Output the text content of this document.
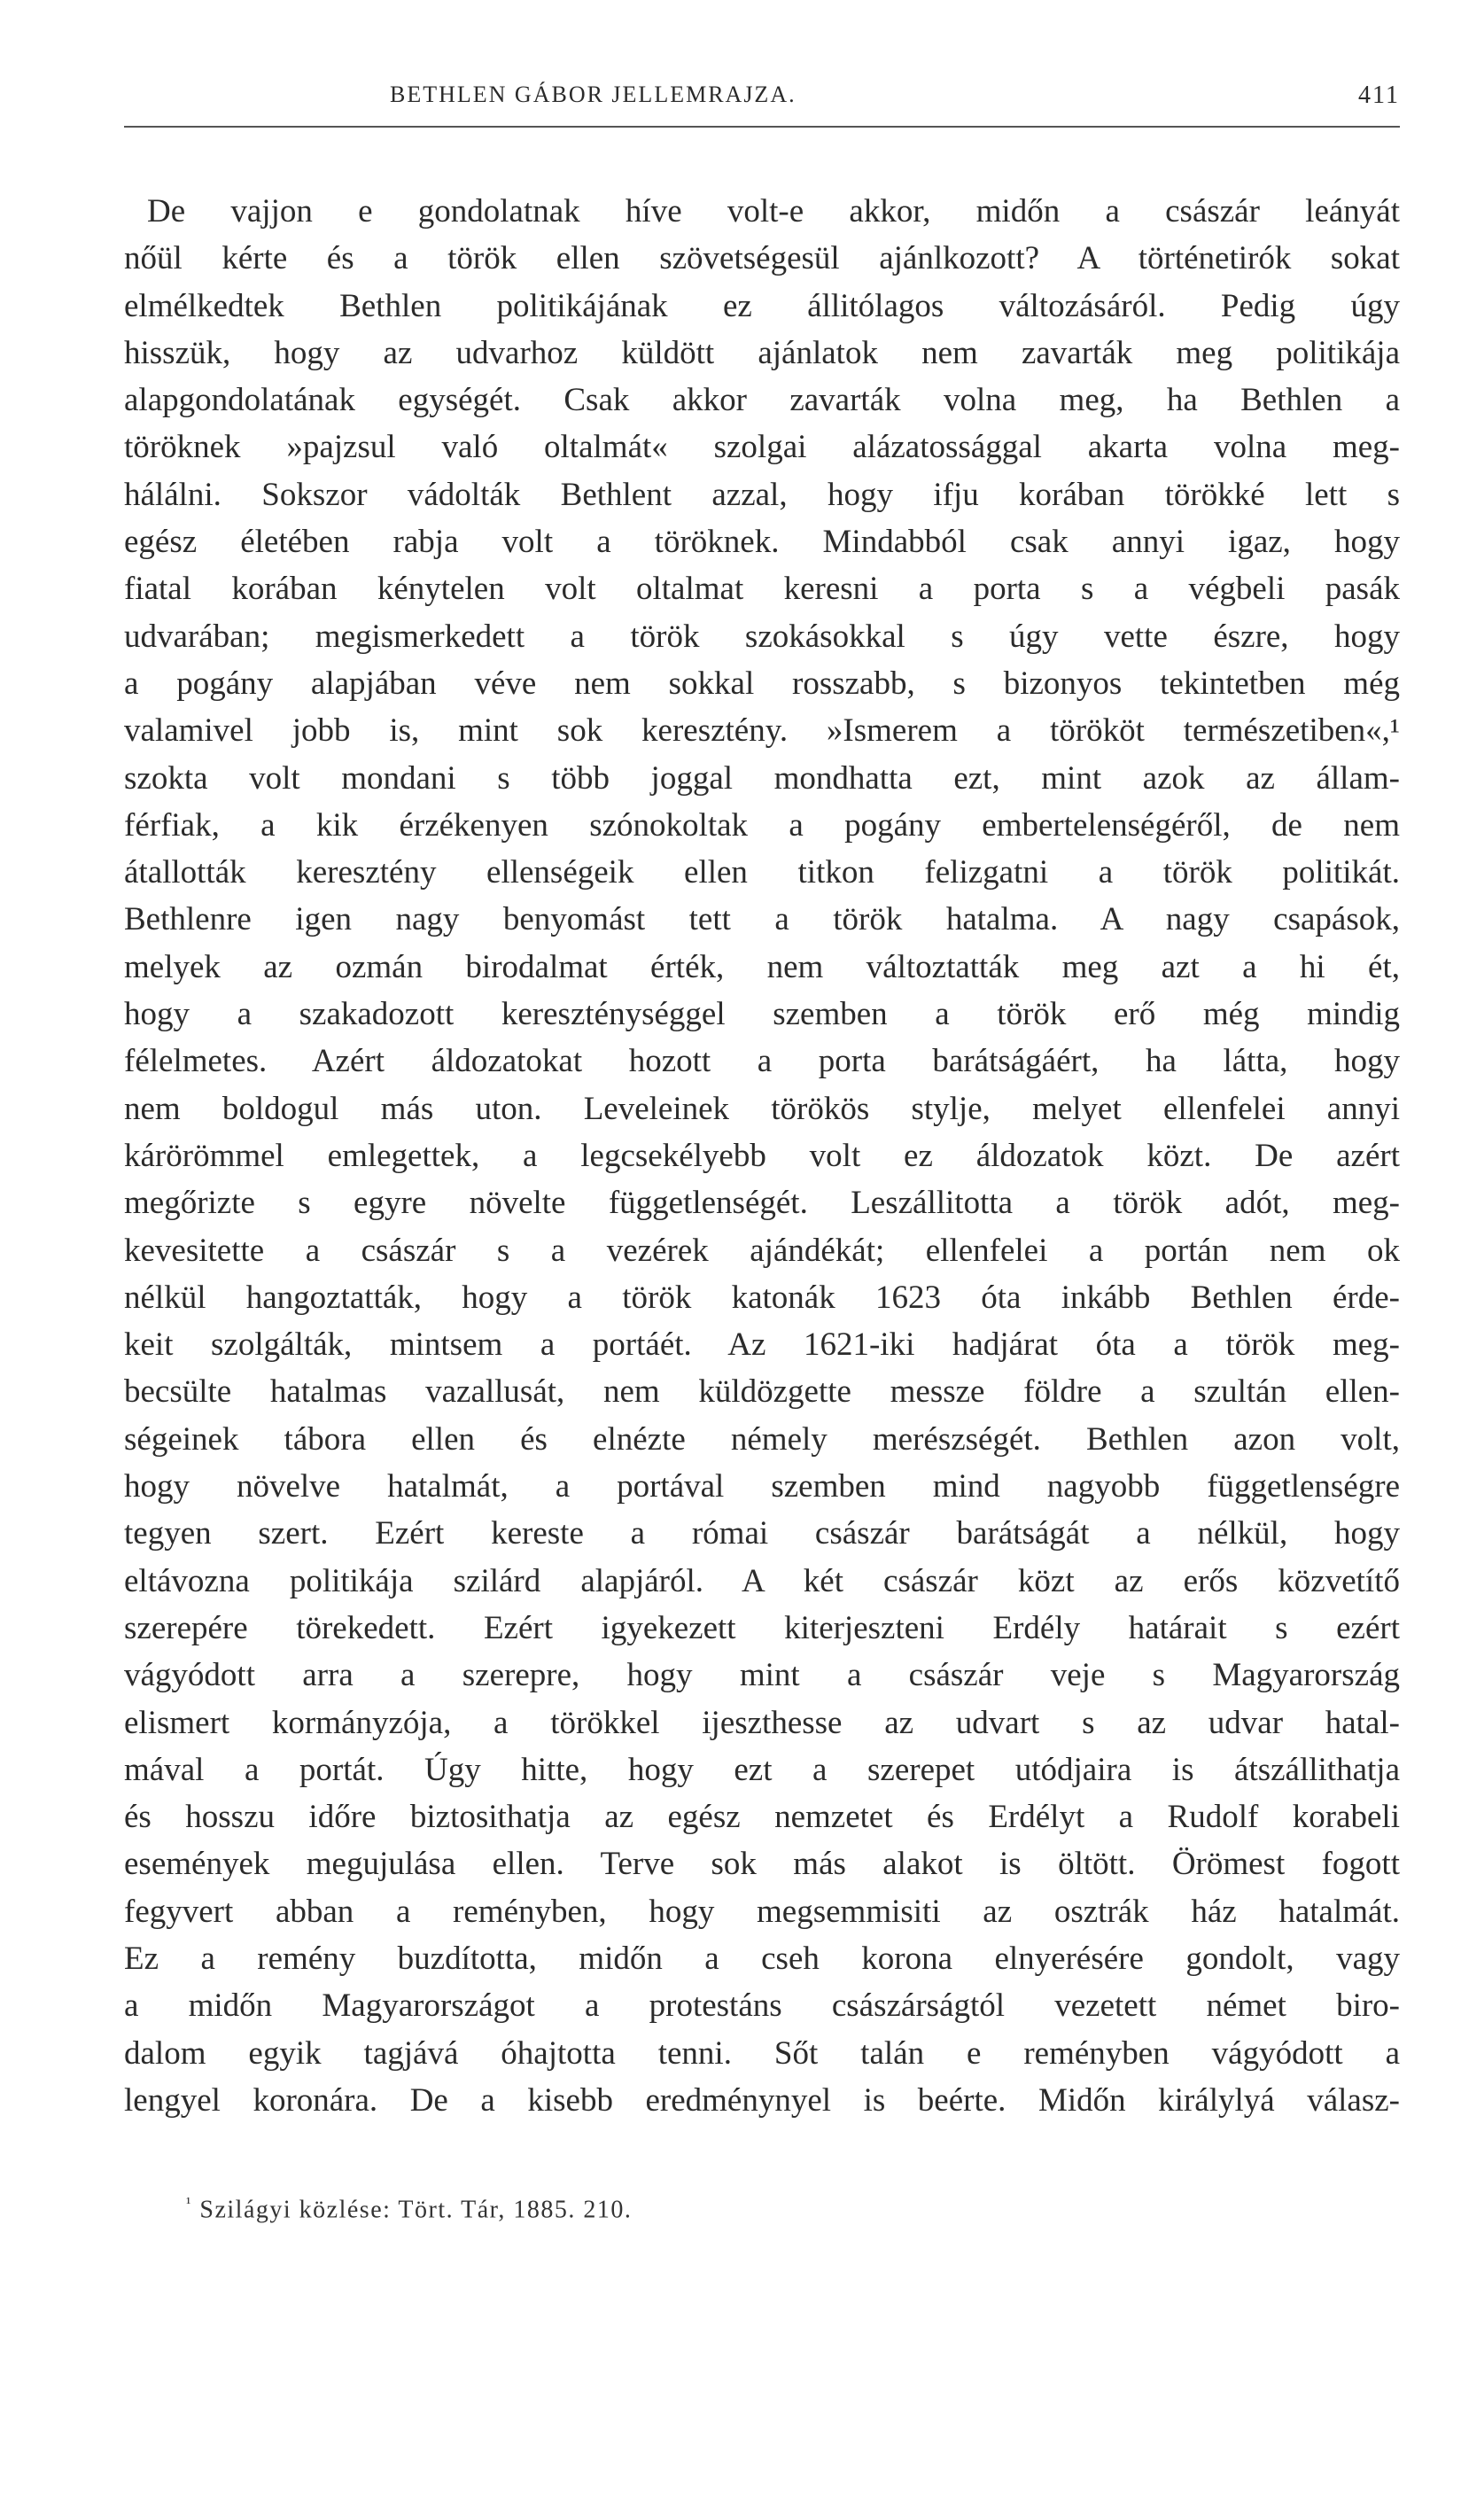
BETHLEN GÁBOR JELLEMRAJZA.	411
De vajjon e gondolatnak híve volt-e akkor, midőn a császár leányát
nőül kérte és a török ellen szövetségesül ajánlkozott? A történetirók sokat
elmélkedtek Bethlen politikájának ez állitólagos változásáról. Pedig úgy
hisszük, hogy az udvarhoz küldött ajánlatok nem zavarták meg politikája
alapgondolatának egységét. Csak akkor zavarták volna meg, ha Bethlen a
töröknek »pajzsul való oltalmát« szolgai alázatossággal akarta volna meg-
hálálni. Sokszor vádolták Bethlent azzal, hogy ifju korában törökké lett s
egész életében rabja volt a töröknek. Mindabból csak annyi igaz, hogy
fiatal korában kénytelen volt oltalmat keresni a porta s a végbeli pasák
udvarában; megismerkedett a török szokásokkal s úgy vette észre, hogy
a pogány alapjában véve nem sokkal rosszabb, s bizonyos tekintetben még
valamivel jobb is, mint sok keresztény. »Ismerem a törököt természetiben«,¹
szokta volt mondani s több joggal mondhatta ezt, mint azok az állam-
férfiak, a kik érzékenyen szónokoltak a pogány embertelenségéről, de nem
átallották keresztény ellenségeik ellen titkon felizgatni a török politikát.
Bethlenre igen nagy benyomást tett a török hatalma. A nagy csapások,
melyek az ozmán birodalmat érték, nem változtatták meg azt a hi ét,
hogy a szakadozott kereszténységgel szemben a török erő még mindig
félelmetes. Azért áldozatokat hozott a porta barátságáért, ha látta, hogy
nem boldogul más uton. Leveleinek törökös stylje, melyet ellenfelei annyi
kárörömmel emlegettek, a legcsekélyebb volt ez áldozatok közt. De azért
megőrizte s egyre növelte függetlenségét. Leszállitotta a török adót, meg-
kevesitette a császár s a vezérek ajándékát; ellenfelei a portán nem ok
nélkül hangoztatták, hogy a török katonák 1623 óta inkább Bethlen érde-
keit szolgálták, mintsem a portáét. Az 1621-iki hadjárat óta a török meg-
becsülte hatalmas vazallusát, nem küldözgette messze földre a szultán ellen-
ségeinek tábora ellen és elnézte némely merészségét. Bethlen azon volt,
hogy növelve hatalmát, a portával szemben mind nagyobb függetlenségre
tegyen szert. Ezért kereste a római császár barátságát a nélkül, hogy
eltávozna politikája szilárd alapjáról. A két császár közt az erős közvetítő
szerepére törekedett. Ezért igyekezett kiterjeszteni Erdély határait s ezért
vágyódott arra a szerepre, hogy mint a császár veje s Magyarország
elismert kormányzója, a törökkel ijeszthesse az udvart s az udvar hatal-
mával a portát. Úgy hitte, hogy ezt a szerepet utódjaira is átszállithatja
és hosszu időre biztosithatja az egész nemzetet és Erdélyt a Rudolf korabeli
események megujulása ellen. Terve sok más alakot is öltött. Örömest fogott
fegyvert abban a reményben, hogy megsemmisiti az osztrák ház hatalmát.
Ez a remény buzdította, midőn a cseh korona elnyerésére gondolt, vagy
a midőn Magyarországot a protestáns császárságtól vezetett német biro-
dalom egyik tagjává óhajtotta tenni. Sőt talán e reményben vágyódott a
lengyel koronára. De a kisebb eredménynyel is beérte. Midőn királylyá válasz-
$^{^1}$ Szilágyi közlése: Tört. Tár, 1885. 210.
